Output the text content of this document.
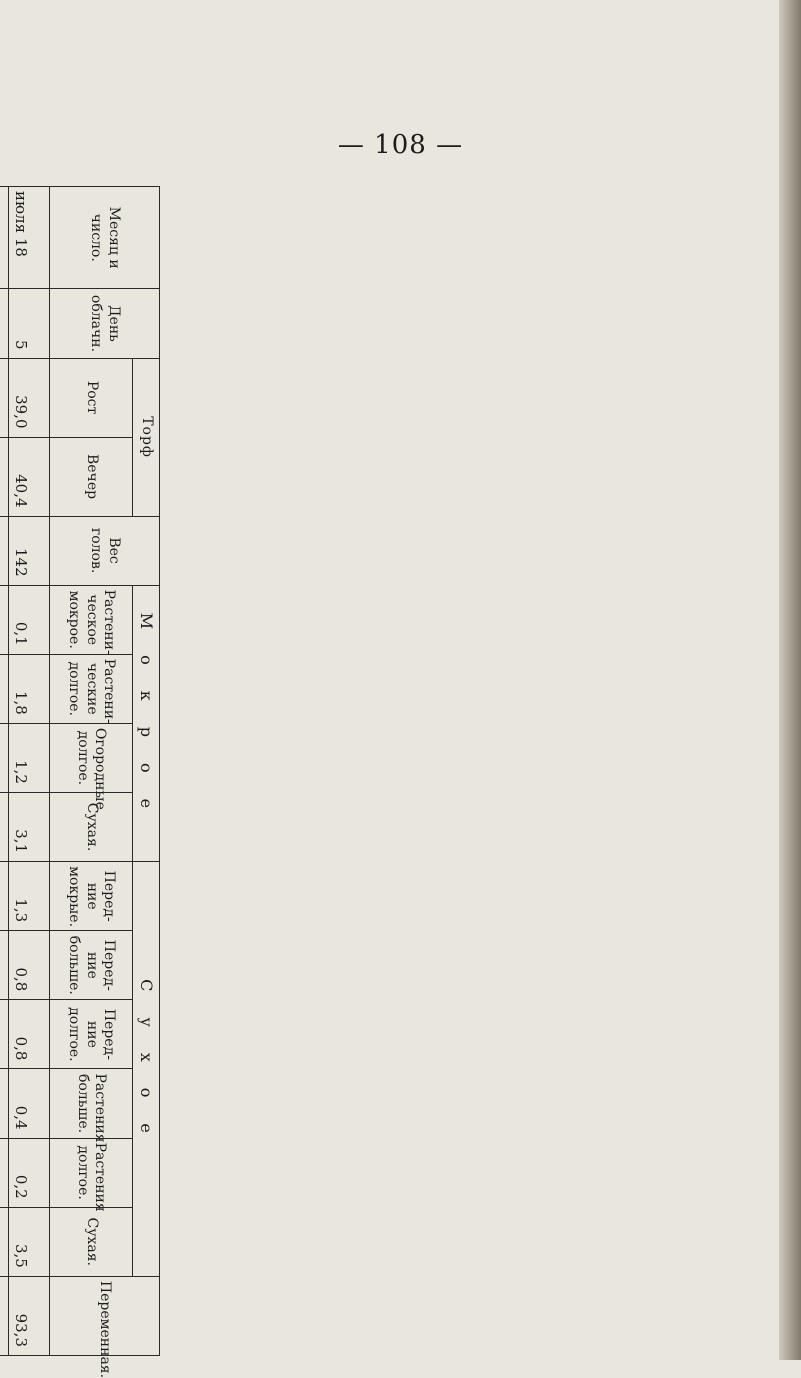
— 108 —
Месяц и число.	День облачн.	Торф		Вес голов.	Мокрое				Сухое						Переменная.
		Рост	Вечер		Растеническое мокрое.	Растенические долгое.	Огородные долгое.	Сухая.	Передние мокрые.	Передние больше.	Передние долгое.	Растения больше.	Растения долгое.	Сухая.	
июля 18	5	39,0	40,4	142	0,1	1,8	1,2	3,1	1,3	0,8	0,8	0,4	0,2	3,5	93,3
